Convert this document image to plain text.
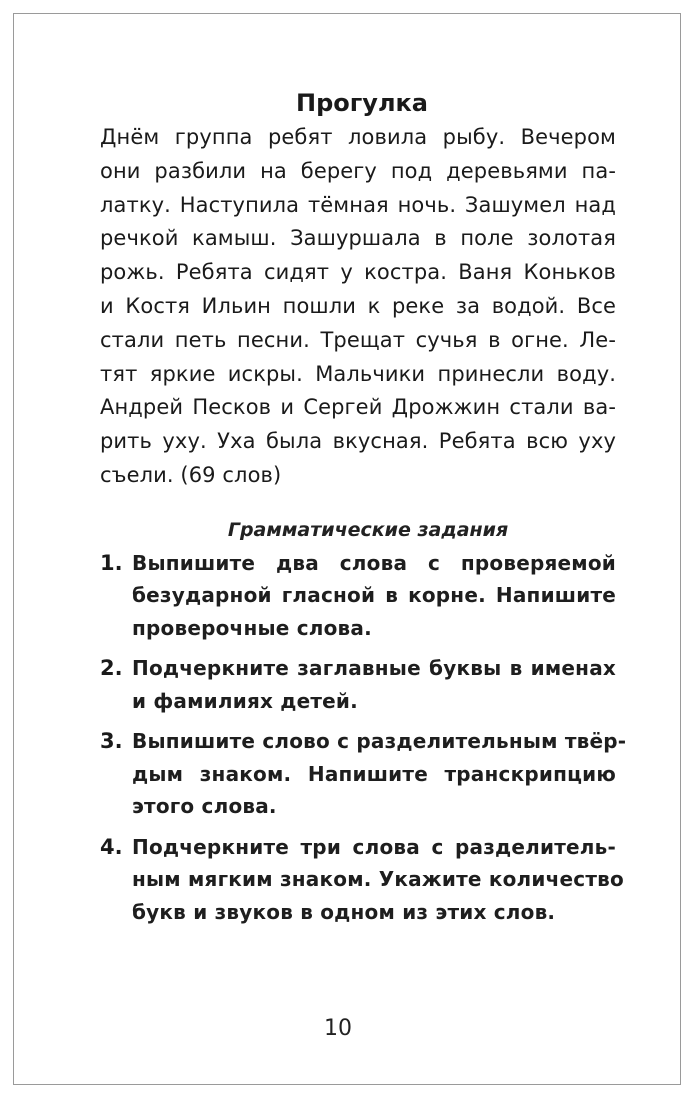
Прогулка
Днём группа ребят ловила рыбу. Вечером
они разбили на берегу под деревьями па-
латку. Наступила тёмная ночь. Зашумел над
речкой камыш. Зашуршала в поле золотая
рожь. Ребята сидят у костра. Ваня Коньков
и Костя Ильин пошли к реке за водой. Все
стали петь песни. Трещат сучья в огне. Ле-
тят яркие искры. Мальчики принесли воду.
Андрей Песков и Сергей Дрожжин стали ва-
рить уху. Уха была вкусная. Ребята всю уху
съели. (69 слов)
Грамматические задания
1. Выпишите два слова с проверяемой
безударной гласной в корне. Напишите
проверочные слова.
2. Подчеркните заглавные буквы в именах
и фамилиях детей.
3. Выпишите слово с разделительным твёр-
дым знаком. Напишите транскрипцию
этого слова.
4. Подчеркните три слова с разделитель-
ным мягким знаком. Укажите количество
букв и звуков в одном из этих слов.
10
